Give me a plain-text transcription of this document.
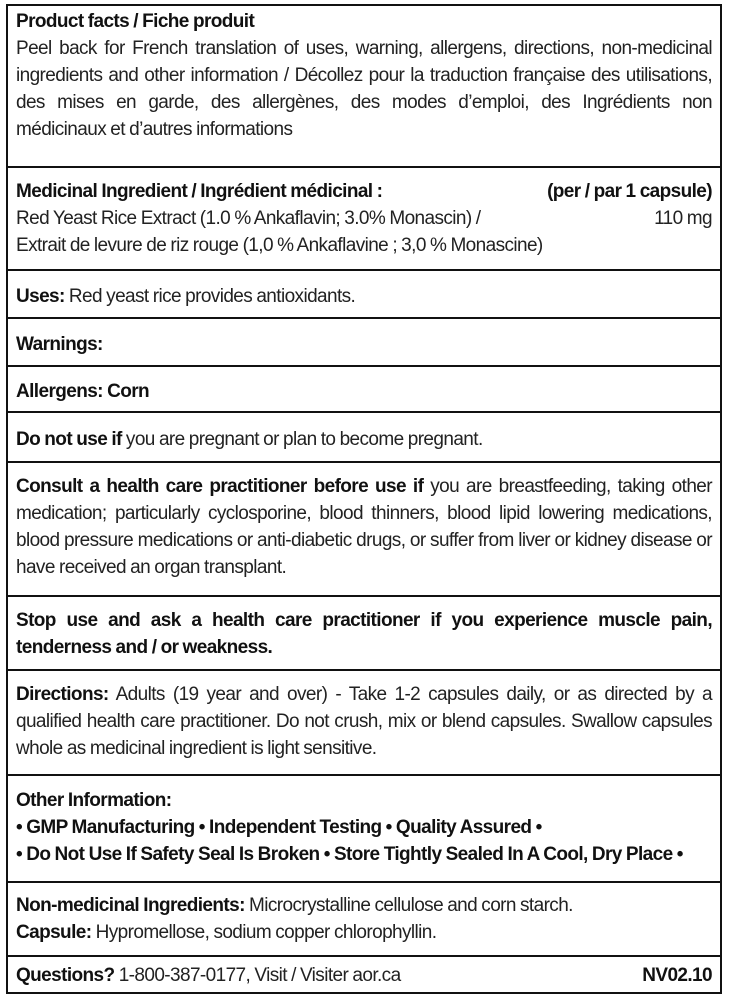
Product facts / Fiche produit

Peel back for French translation of uses, warning, allergens, directions, non-medicinal ingredients and other information / Décollez pour la traduction française des utilisations, des mises en garde, des allergènes, des modes d’emploi, des Ingrédients non médicinaux et d’autres informations

Medicinal Ingredient / Ingrédient médicinal :	(per / par 1 capsule)
Red Yeast Rice Extract (1.0 % Ankaflavin; 3.0% Monascin) /	110 mg
Extrait de levure de riz rouge (1,0 % Ankaflavine ; 3,0 % Monascine)

Uses: Red yeast rice provides antioxidants.

Warnings:

Allergens: Corn

Do not use if you are pregnant or plan to become pregnant.

Consult a health care practitioner before use if you are breastfeeding, taking other medication; particularly cyclosporine, blood thinners, blood lipid lowering medications, blood pressure medications or anti-diabetic drugs, or suffer from liver or kidney disease or have received an organ transplant.

Stop use and ask a health care practitioner if you experience muscle pain, tenderness and / or weakness.

Directions: Adults (19 year and over) - Take 1-2 capsules daily, or as directed by a qualified health care practitioner. Do not crush, mix or blend capsules. Swallow capsules whole as medicinal ingredient is light sensitive.

Other Information:

• GMP Manufacturing • Independent Testing • Quality Assured •

• Do Not Use If Safety Seal Is Broken • Store Tightly Sealed In A Cool, Dry Place •

Non-medicinal Ingredients: Microcrystalline cellulose and corn starch.

Capsule: Hypromellose, sodium copper chlorophyllin.

Questions? 1-800-387-0177, Visit / Visiter aor.ca	NV02.10
